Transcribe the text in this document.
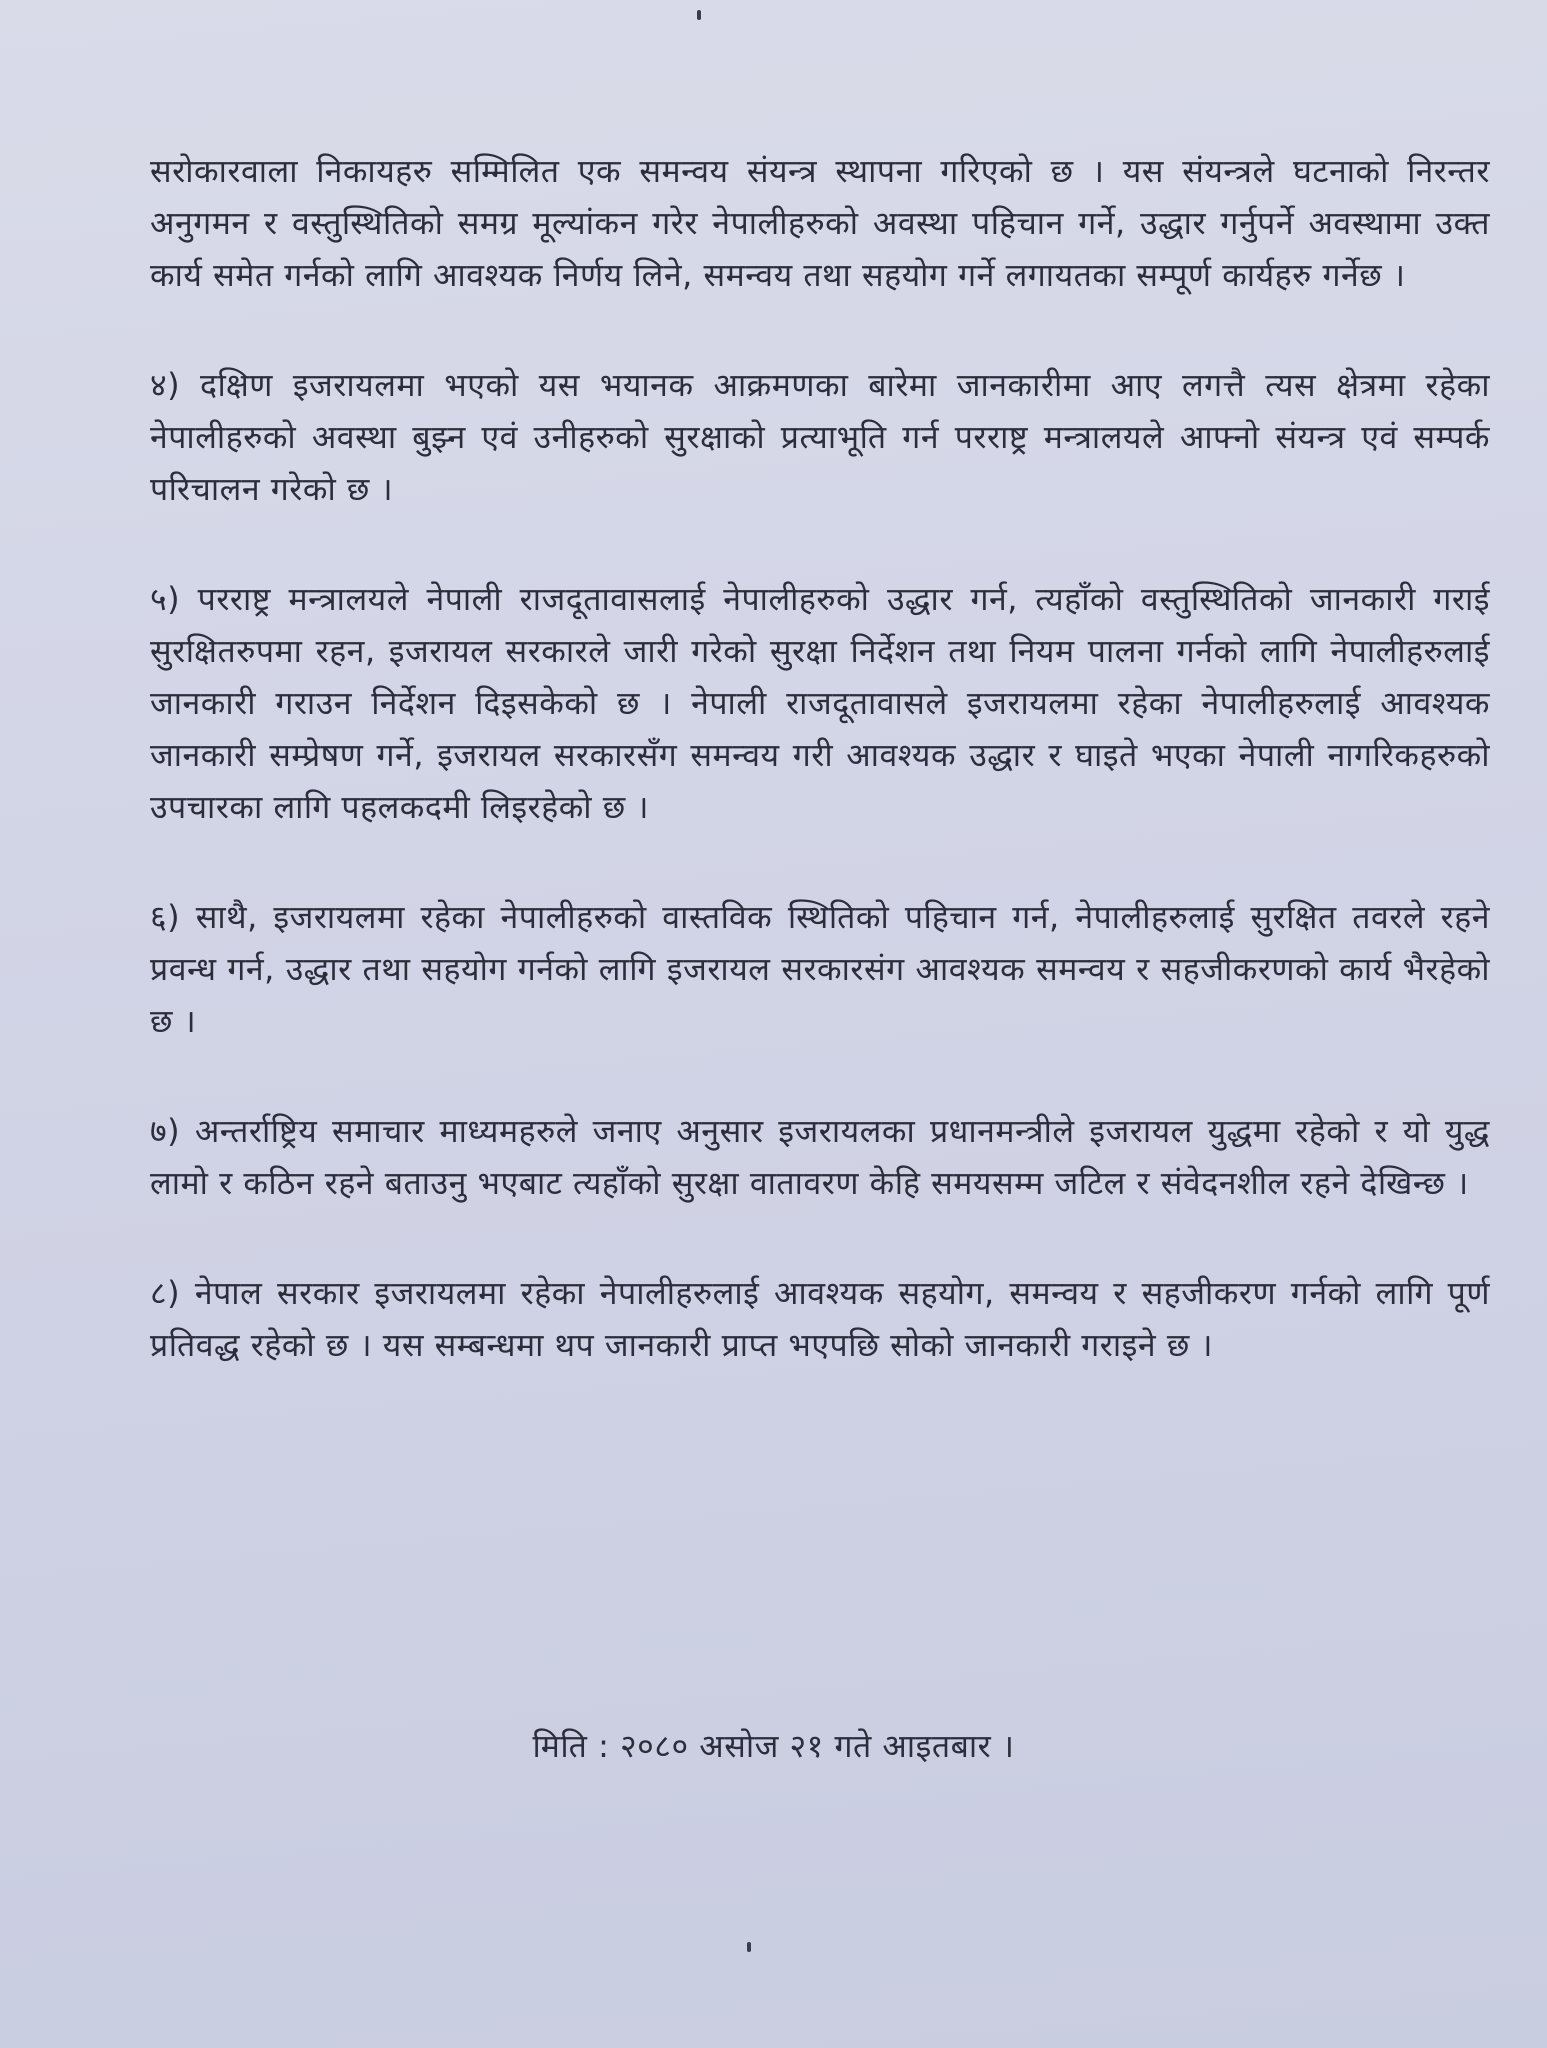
सरोकारवाला निकायहरु सम्मिलित एक समन्वय संयन्त्र स्थापना गरिएको छ । यस संयन्त्रले घटनाको निरन्तर अनुगमन र वस्तुस्थितिको समग्र मूल्यांकन गरेर नेपालीहरुको अवस्था पहिचान गर्ने, उद्धार गर्नुपर्ने अवस्थामा उक्त कार्य समेत गर्नको लागि आवश्यक निर्णय लिने, समन्वय तथा सहयोग गर्ने लगायतका सम्पूर्ण कार्यहरु गर्नेछ ।

४) दक्षिण इजरायलमा भएको यस भयानक आक्रमणका बारेमा जानकारीमा आए लगत्तै त्यस क्षेत्रमा रहेका नेपालीहरुको अवस्था बुझ्न एवं उनीहरुको सुरक्षाको प्रत्याभूति गर्न परराष्ट्र मन्त्रालयले आफ्नो संयन्त्र एवं सम्पर्क परिचालन गरेको छ ।

५) परराष्ट्र मन्त्रालयले नेपाली राजदूतावासलाई नेपालीहरुको उद्धार गर्न, त्यहाँको वस्तुस्थितिको जानकारी गराई सुरक्षितरुपमा रहन, इजरायल सरकारले जारी गरेको सुरक्षा निर्देशन तथा नियम पालना गर्नको लागि नेपालीहरुलाई जानकारी गराउन निर्देशन दिइसकेको छ । नेपाली राजदूतावासले इजरायलमा रहेका नेपालीहरुलाई आवश्यक जानकारी सम्प्रेषण गर्ने, इजरायल सरकारसँग समन्वय गरी आवश्यक उद्धार र घाइते भएका नेपाली नागरिकहरुको उपचारका लागि पहलकदमी लिइरहेको छ ।

६) साथै, इजरायलमा रहेका नेपालीहरुको वास्तविक स्थितिको पहिचान गर्न, नेपालीहरुलाई सुरक्षित तवरले रहने प्रवन्ध गर्न, उद्धार तथा सहयोग गर्नको लागि इजरायल सरकारसंग आवश्यक समन्वय र सहजीकरणको कार्य भैरहेको छ ।

७) अन्तर्राष्ट्रिय समाचार माध्यमहरुले जनाए अनुसार इजरायलका प्रधानमन्त्रीले इजरायल युद्धमा रहेको र यो युद्ध लामो र कठिन रहने बताउनु भएबाट त्यहाँको सुरक्षा वातावरण केहि समयसम्म जटिल र संवेदनशील रहने देखिन्छ ।

८) नेपाल सरकार इजरायलमा रहेका नेपालीहरुलाई आवश्यक सहयोग, समन्वय र सहजीकरण गर्नको लागि पूर्ण प्रतिवद्ध रहेको छ । यस सम्बन्धमा थप जानकारी प्राप्त भएपछि सोको जानकारी गराइने छ ।

मिति : २०८० असोज २१ गते आइतबार ।
